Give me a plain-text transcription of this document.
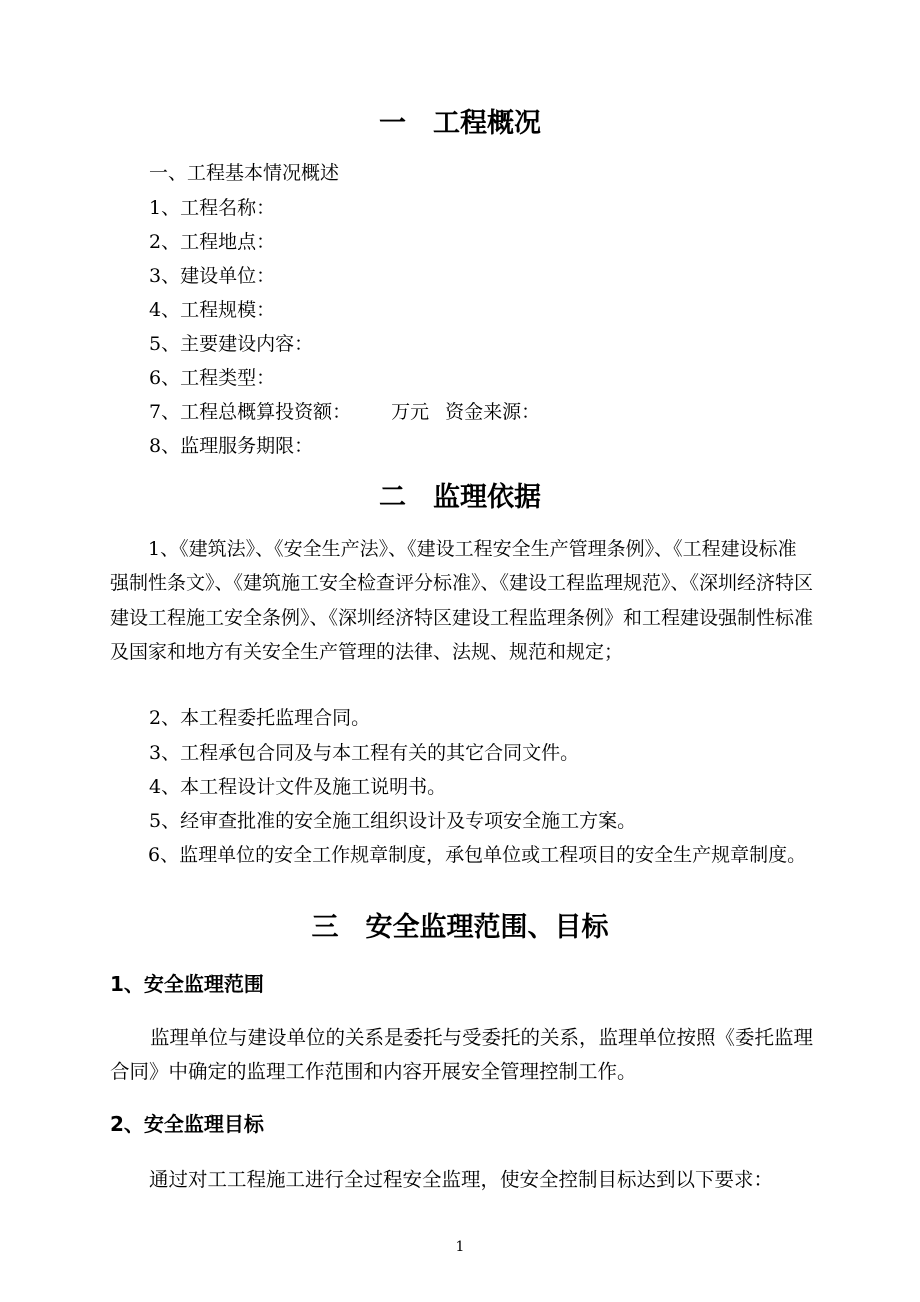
一　工程概况

一、工程基本情况概述

1、工程名称：

2、工程地点：

3、建设单位：

4、工程规模：

5、主要建设内容：

6、工程类型：

7、工程总概算投资额： 万元 资金来源：

8、监理服务期限：

二　监理依据

1、《建筑法》、《安全生产法》、《建设工程安全生产管理条例》、《工程建设标准强制性条文》、《建筑施工安全检查评分标准》、《建设工程监理规范》、《深圳经济特区建设工程施工安全条例》、《深圳经济特区建设工程监理条例》和工程建设强制性标准及国家和地方有关安全生产管理的法律、法规、规范和规定；

2、本工程委托监理合同。

3、工程承包合同及与本工程有关的其它合同文件。

4、本工程设计文件及施工说明书。

5、经审查批准的安全施工组织设计及专项安全施工方案。

6、监理单位的安全工作规章制度，承包单位或工程项目的安全生产规章制度。

三　安全监理范围、目标

1、安全监理范围

监理单位与建设单位的关系是委托与受委托的关系，监理单位按照《委托监理合同》中确定的监理工作范围和内容开展安全管理控制工作。

2、安全监理目标

通过对工工程施工进行全过程安全监理，使安全控制目标达到以下要求：

1
